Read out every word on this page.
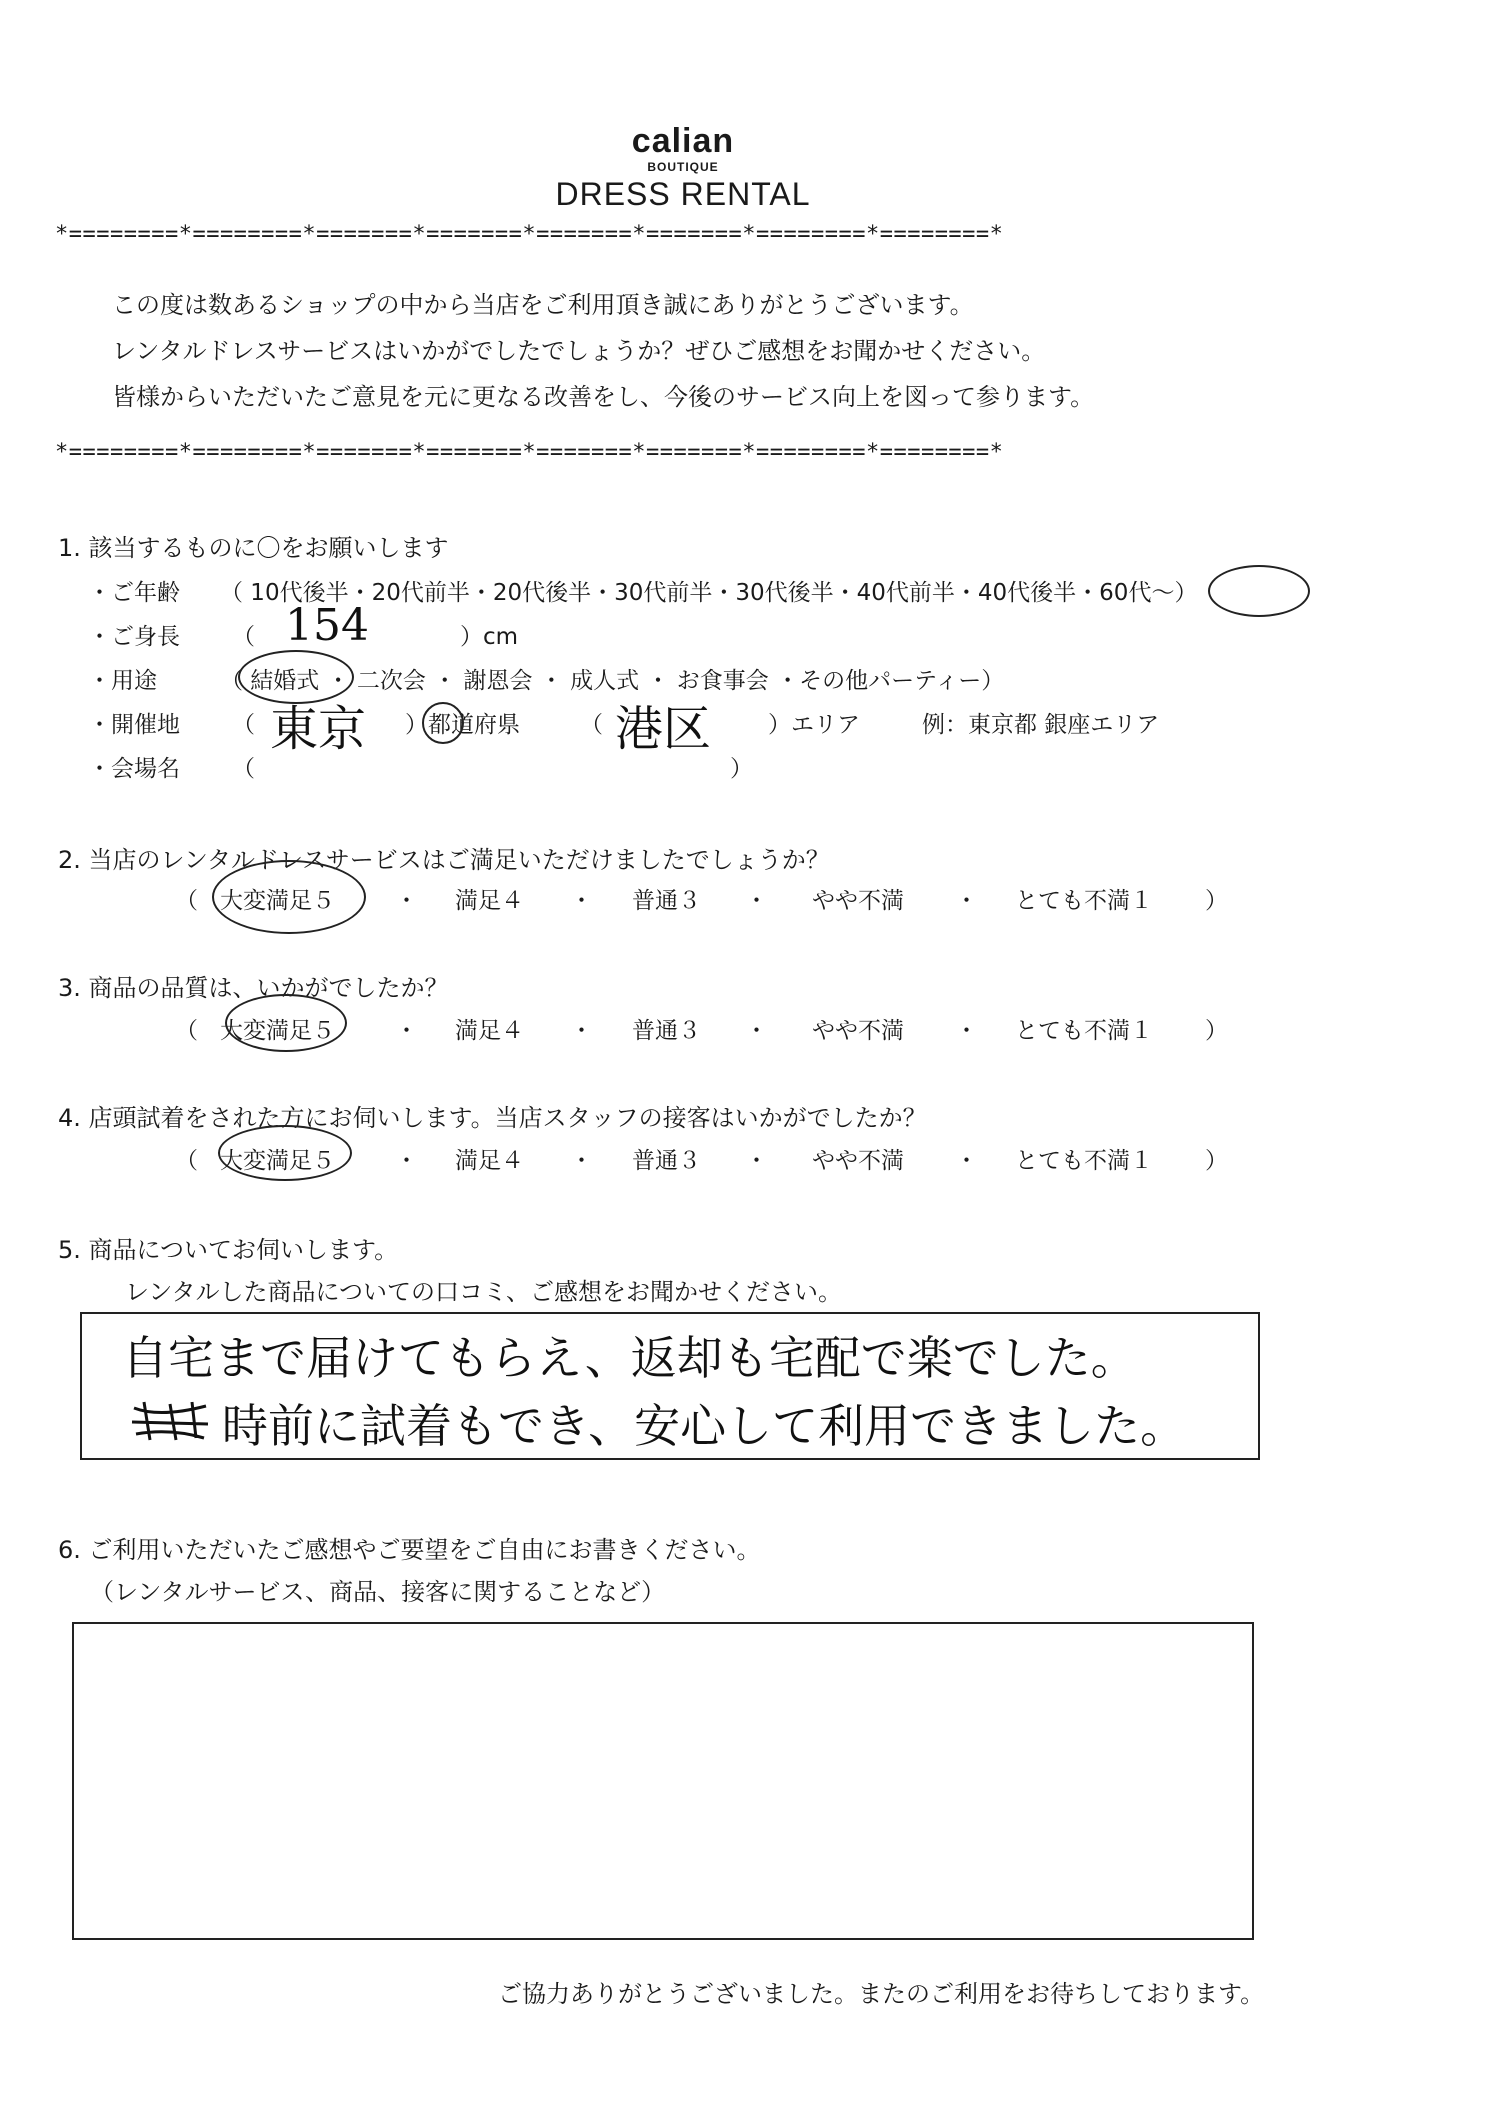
calian
BOUTIQUE
DRESS RENTAL
*========*========*=======*=======*=======*=======*========*========*
この度は数あるショップの中から当店をご利用頂き誠にありがとうございます。
レンタルドレスサービスはいかがでしたでしょうか？ぜひご感想をお聞かせください。
皆様からいただいたご意見を元に更なる改善をし、今後のサービス向上を図って参ります。
*========*========*=======*=======*=======*=======*========*========*
1. 該当するものに〇をお願いします
・ご年齢 （ 10代後半・20代前半・20代後半・30代前半・30代後半・40代前半・40代後半・60代〜）
・ご身長 （ 154	）cm
・用途	（ 結婚式 ・ 二次会 ・ 謝恩会 ・ 成人式 ・ お食事会 ・その他パーティー）
・開催地 （ 東京 ）都道府県	（ 港区 ）エリア	例：東京都 銀座エリア
・会場名 （	）
2. 当店のレンタルドレスサービスはご満足いただけましたでしょうか？
（ 大変満足５	・ 満足４ ・ 普通３ ・ やや不満 ・ とても不満１ ）
3. 商品の品質は、いかがでしたか？
（ 大変満足５	・ 満足４ ・ 普通３ ・ やや不満 ・ とても不満１ ）
4. 店頭試着をされた方にお伺いします。当店スタッフの接客はいかがでしたか？
（ 大変満足５	・ 満足４ ・ 普通３ ・ やや不満 ・ とても不満１ ）
5. 商品についてお伺いします。
レンタルした商品についての口コミ、ご感想をお聞かせください。
自宅まで届けてもらえ、返却も宅配で楽でした。
時前に試着もでき、安心して利用できました。
6. ご利用いただいたご感想やご要望をご自由にお書きください。
（レンタルサービス、商品、接客に関することなど）
ご協力ありがとうございました。またのご利用をお待ちしております。
